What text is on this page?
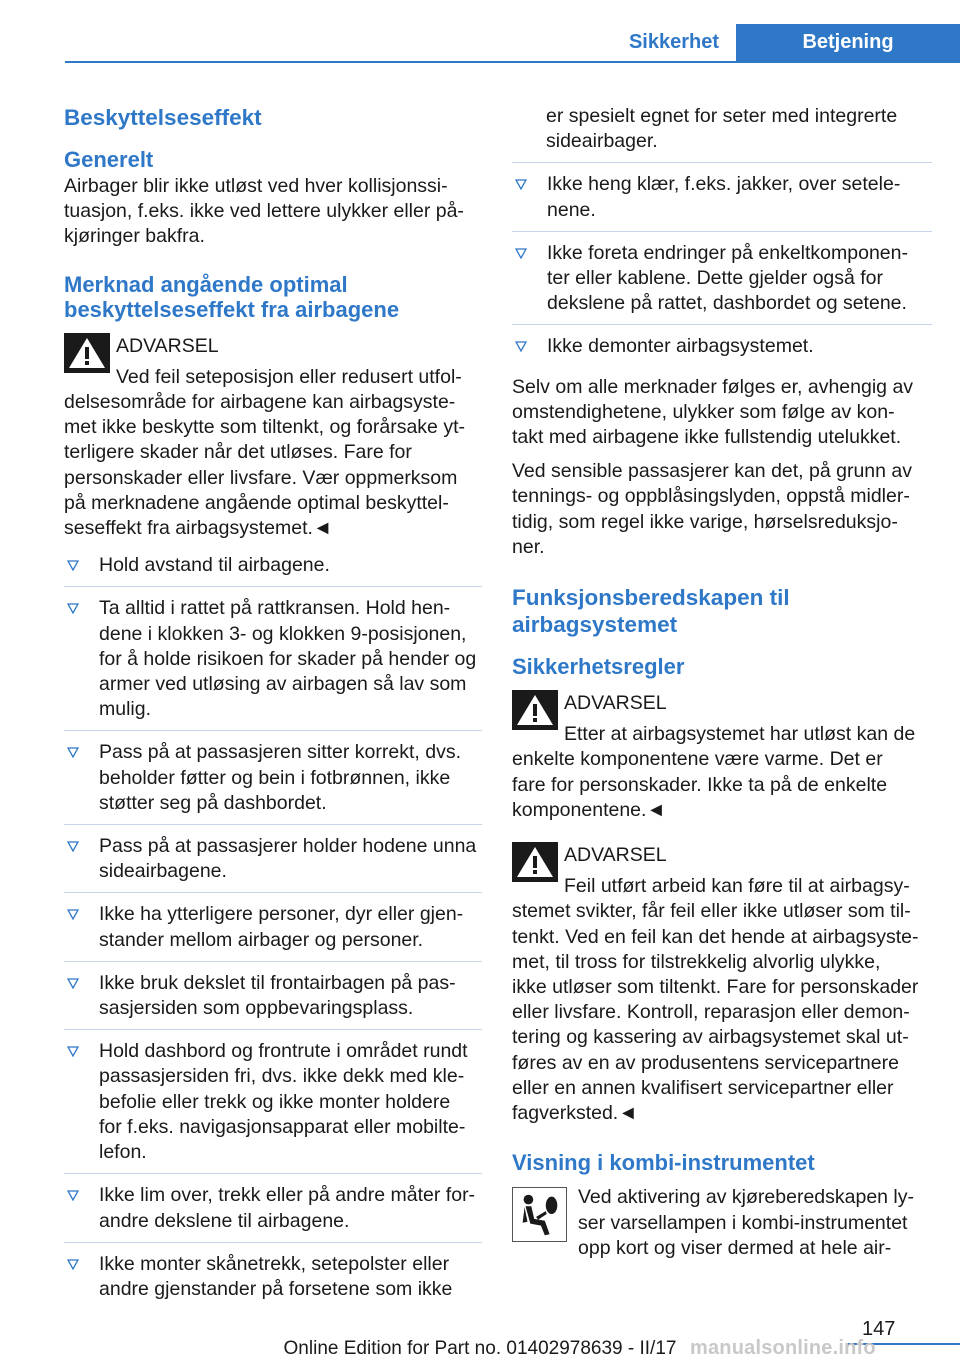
Sikkerhet	Betjening
Beskyttelseseffekt
Generelt

Airbager blir ikke utløst ved hver kollisjonssi-
tuasjon, f.eks. ikke ved lettere ulykker eller på-
kjøringer bakfra.

Merknad angående optimal
beskyttelseseffekt fra airbagene
ADVARSEL

Ved feil seteposisjon eller redusert utfol-

delsesområde for airbagene kan airbagsyste-
met ikke beskytte som tiltenkt, og forårsake yt-
terligere skader når det utløses. Fare for
personskader eller livsfare. Vær oppmerksom
på merknadene angående optimal beskyttel-
seseffekt fra airbagsystemet.◄

Hold avstand til airbagene.
Ta alltid i rattet på rattkransen. Hold hen-
dene i klokken 3- og klokken 9-posisjonen,
for å holde risikoen for skader på hender og
armer ved utløsing av airbagen så lav som
mulig.
Pass på at passasjeren sitter korrekt, dvs.
beholder føtter og bein i fotbrønnen, ikke
støtter seg på dashbordet.
Pass på at passasjerer holder hodene unna
sideairbagene.
Ikke ha ytterligere personer, dyr eller gjen-
stander mellom airbager og personer.
Ikke bruk dekslet til frontairbagen på pas-
sasjersiden som oppbevaringsplass.
Hold dashbord og frontrute i området rundt
passasjersiden fri, dvs. ikke dekk med kle-
befolie eller trekk og ikke monter holdere
for f.eks. navigasjonsapparat eller mobilte-
lefon.
Ikke lim over, trekk eller på andre måter for-
andre dekslene til airbagene.
Ikke monter skånetrekk, setepolster eller
andre gjenstander på forsetene som ikke

er spesielt egnet for seter med integrerte
sideairbager.

Ikke heng klær, f.eks. jakker, over setele-
nene.
Ikke foreta endringer på enkeltkomponen-
ter eller kablene. Dette gjelder også for
dekslene på rattet, dashbordet og setene.
Ikke demonter airbagsystemet.

Selv om alle merknader følges er, avhengig av
omstendighetene, ulykker som følge av kon-
takt med airbagene ikke fullstendig utelukket.

Ved sensible passasjerer kan det, på grunn av
tennings- og oppblåsingslyden, oppstå midler-
tidig, som regel ikke varige, hørselsreduksjo-
ner.

Funksjonsberedskapen til
airbagsystemet
Sikkerhetsregler
ADVARSEL

Etter at airbagsystemet har utløst kan de

enkelte komponentene være varme. Det er
fare for personskader. Ikke ta på de enkelte
komponentene.◄

ADVARSEL

Feil utført arbeid kan føre til at airbagsy-

stemet svikter, får feil eller ikke utløser som til-
tenkt. Ved en feil kan det hende at airbagsyste-
met, til tross for tilstrekkelig alvorlig ulykke,
ikke utløser som tiltenkt. Fare for personskader
eller livsfare. Kontroll, reparasjon eller demon-
tering og kassering av airbagsystemet skal ut-
føres av en av produsentens servicepartnere
eller en annen kvalifisert servicepartner eller
fagverksted.◄

Visning i kombi-instrumentet

Ved aktivering av kjøreberedskapen ly-
ser varsellampen i kombi-instrumentet
opp kort og viser dermed at hele air-

147
Online Edition for Part no. 01402978639 - II/17 manualsonline.info
